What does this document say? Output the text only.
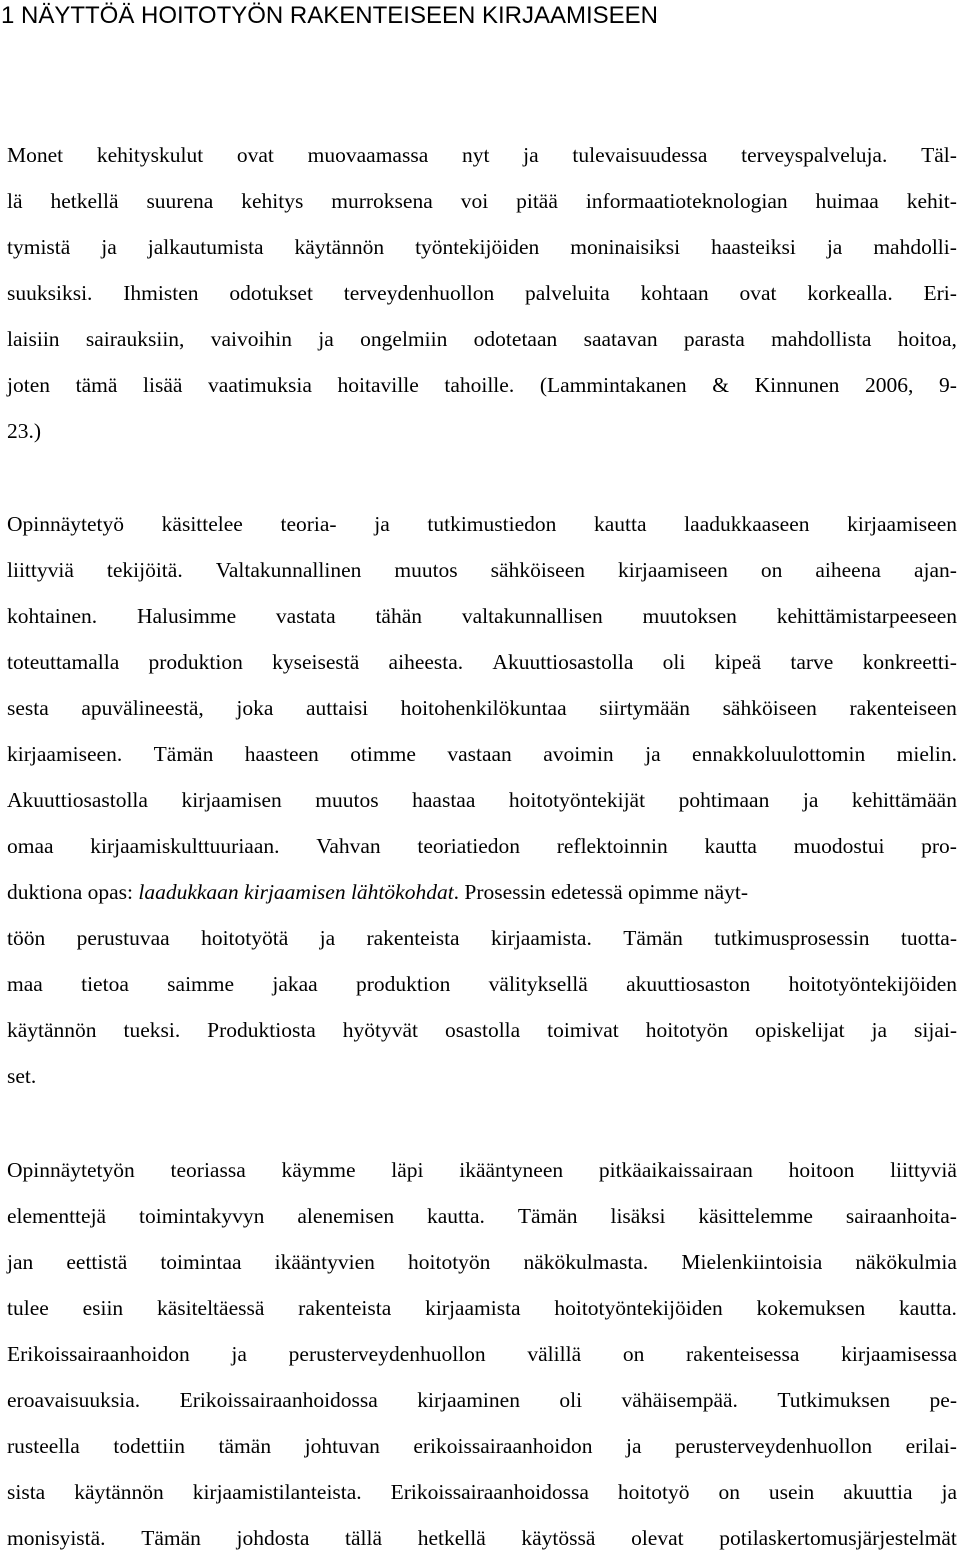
1 NÄYTTÖÄ HOITOTYÖN RAKENTEISEEN KIRJAAMISEEN
Monet kehityskulut ovat muovaamassa nyt ja tulevaisuudessa terveyspalveluja. Täl-
lä hetkellä suurena kehitys murroksena voi pitää informaatioteknologian huimaa kehit-
tymistä ja jalkautumista käytännön työntekijöiden moninaisiksi haasteiksi ja mahdolli-
suuksiksi. Ihmisten odotukset terveydenhuollon palveluita kohtaan ovat korkealla. Eri-
laisiin sairauksiin, vaivoihin ja ongelmiin odotetaan saatavan parasta mahdollista hoitoa,
joten tämä lisää vaatimuksia hoitaville tahoille. (Lammintakanen & Kinnunen 2006, 9-
23.)
Opinnäytetyö käsittelee teoria- ja tutkimustiedon kautta laadukkaaseen kirjaamiseen
liittyviä tekijöitä. Valtakunnallinen muutos sähköiseen kirjaamiseen on aiheena ajan-
kohtainen. Halusimme vastata tähän valtakunnallisen muutoksen kehittämistarpeeseen
toteuttamalla produktion kyseisestä aiheesta. Akuuttiosastolla oli kipeä tarve konkreetti-
sesta apuvälineestä, joka auttaisi hoitohenkilökuntaa siirtymään sähköiseen rakenteiseen
kirjaamiseen. Tämän haasteen otimme vastaan avoimin ja ennakkoluulottomin mielin.
Akuuttiosastolla kirjaamisen muutos haastaa hoitotyöntekijät pohtimaan ja kehittämään
omaa kirjaamiskulttuuriaan. Vahvan teoriatiedon reflektoinnin kautta muodostui pro-
duktiona opas: laadukkaan kirjaamisen lähtökohdat. Prosessin edetessä opimme näyt-
töön perustuvaa hoitotyötä ja rakenteista kirjaamista. Tämän tutkimusprosessin tuotta-
maa tietoa saimme jakaa produktion välityksellä akuuttiosaston hoitotyöntekijöiden
käytännön tueksi. Produktiosta hyötyvät osastolla toimivat hoitotyön opiskelijat ja sijai-
set.
Opinnäytetyön teoriassa käymme läpi ikääntyneen pitkäaikaissairaan hoitoon liittyviä
elementtejä toimintakyvyn alenemisen kautta. Tämän lisäksi käsittelemme sairaanhoita-
jan eettistä toimintaa ikääntyvien hoitotyön näkökulmasta. Mielenkiintoisia näkökulmia
tulee esiin käsiteltäessä rakenteista kirjaamista hoitotyöntekijöiden kokemuksen kautta.
Erikoissairaanhoidon ja perusterveydenhuollon välillä on rakenteisessa kirjaamisessa
eroavaisuuksia. Erikoissairaanhoidossa kirjaaminen oli vähäisempää. Tutkimuksen pe-
rusteella todettiin tämän johtuvan erikoissairaanhoidon ja perusterveydenhuollon erilai-
sista käytännön kirjaamistilanteista. Erikoissairaanhoidossa hoitotyö on usein akuuttia ja
monisyistä. Tämän johdosta tällä hetkellä käytössä olevat potilaskertomusjärjestelmät
